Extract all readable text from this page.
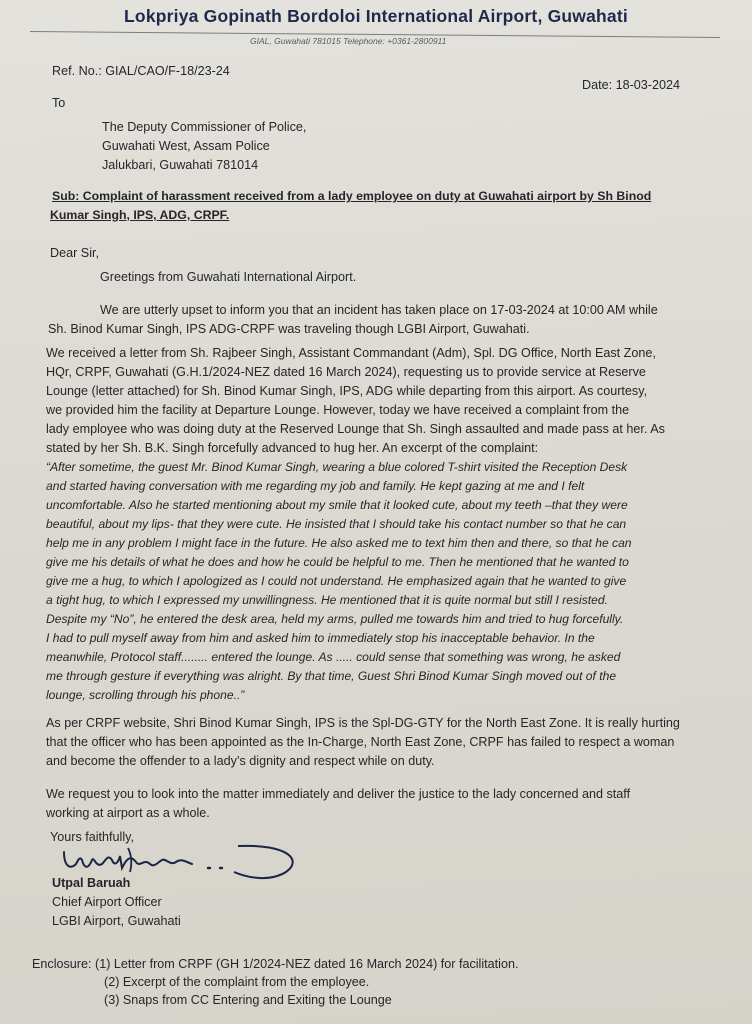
Lokpriya Gopinath Bordoloi International Airport, Guwahati
GIAL, Guwahati 781015 Telephone: +0361-2800911
Ref. No.: GIAL/CAO/F-18/23-24
Date: 18-03-2024
To
The Deputy Commissioner of Police,
Guwahati West, Assam Police
Jalukbari, Guwahati 781014
Sub: Complaint of harassment received from a lady employee on duty at Guwahati airport by Sh Binod
Kumar Singh, IPS, ADG, CRPF.
Dear Sir,
Greetings from Guwahati International Airport.
We are utterly upset to inform you that an incident has taken place on 17-03-2024 at 10:00 AM while
Sh. Binod Kumar Singh, IPS ADG-CRPF was traveling though LGBI Airport, Guwahati.
We received a letter from Sh. Rajbeer Singh, Assistant Commandant (Adm), Spl. DG Office, North East Zone,
HQr, CRPF, Guwahati (G.H.1/2024-NEZ dated 16 March 2024), requesting us to provide service at Reserve
Lounge (letter attached) for Sh. Binod Kumar Singh, IPS, ADG while departing from this airport. As courtesy,
we provided him the facility at Departure Lounge. However, today we have received a complaint from the
lady employee who was doing duty at the Reserved Lounge that Sh. Singh assaulted and made pass at her. As
stated by her Sh. B.K. Singh forcefully advanced to hug her. An excerpt of the complaint:
“After sometime, the guest Mr. Binod Kumar Singh, wearing a blue colored T-shirt visited the Reception Desk
and started having conversation with me regarding my job and family. He kept gazing at me and I felt
uncomfortable. Also he started mentioning about my smile that it looked cute, about my teeth –that they were
beautiful, about my lips- that they were cute. He insisted that I should take his contact number so that he can
help me in any problem I might face in the future. He also asked me to text him then and there, so that he can
give me his details of what he does and how he could be helpful to me. Then he mentioned that he wanted to
give me a hug, to which I apologized as I could not understand. He emphasized again that he wanted to give
a tight hug, to which I expressed my unwillingness. He mentioned that it is quite normal but still I resisted.
Despite my “No”, he entered the desk area, held my arms, pulled me towards him and tried to hug forcefully.
I had to pull myself away from him and asked him to immediately stop his inacceptable behavior. In the
meanwhile, Protocol staff........ entered the lounge. As ..... could sense that something was wrong, he asked
me through gesture if everything was alright. By that time, Guest Shri Binod Kumar Singh moved out of the
lounge, scrolling through his phone..”
As per CRPF website, Shri Binod Kumar Singh, IPS is the Spl-DG-GTY for the North East Zone. It is really hurting
that the officer who has been appointed as the In-Charge, North East Zone, CRPF has failed to respect a woman
and become the offender to a lady’s dignity and respect while on duty.
We request you to look into the matter immediately and deliver the justice to the lady concerned and staff
working at airport as a whole.
Yours faithfully,
Utpal Baruah
Chief Airport Officer
LGBI Airport, Guwahati
Enclosure: (1) Letter from CRPF (GH 1/2024-NEZ dated 16 March 2024) for facilitation.
(2) Excerpt of the complaint from the employee.
(3) Snaps from CC Entering and Exiting the Lounge
